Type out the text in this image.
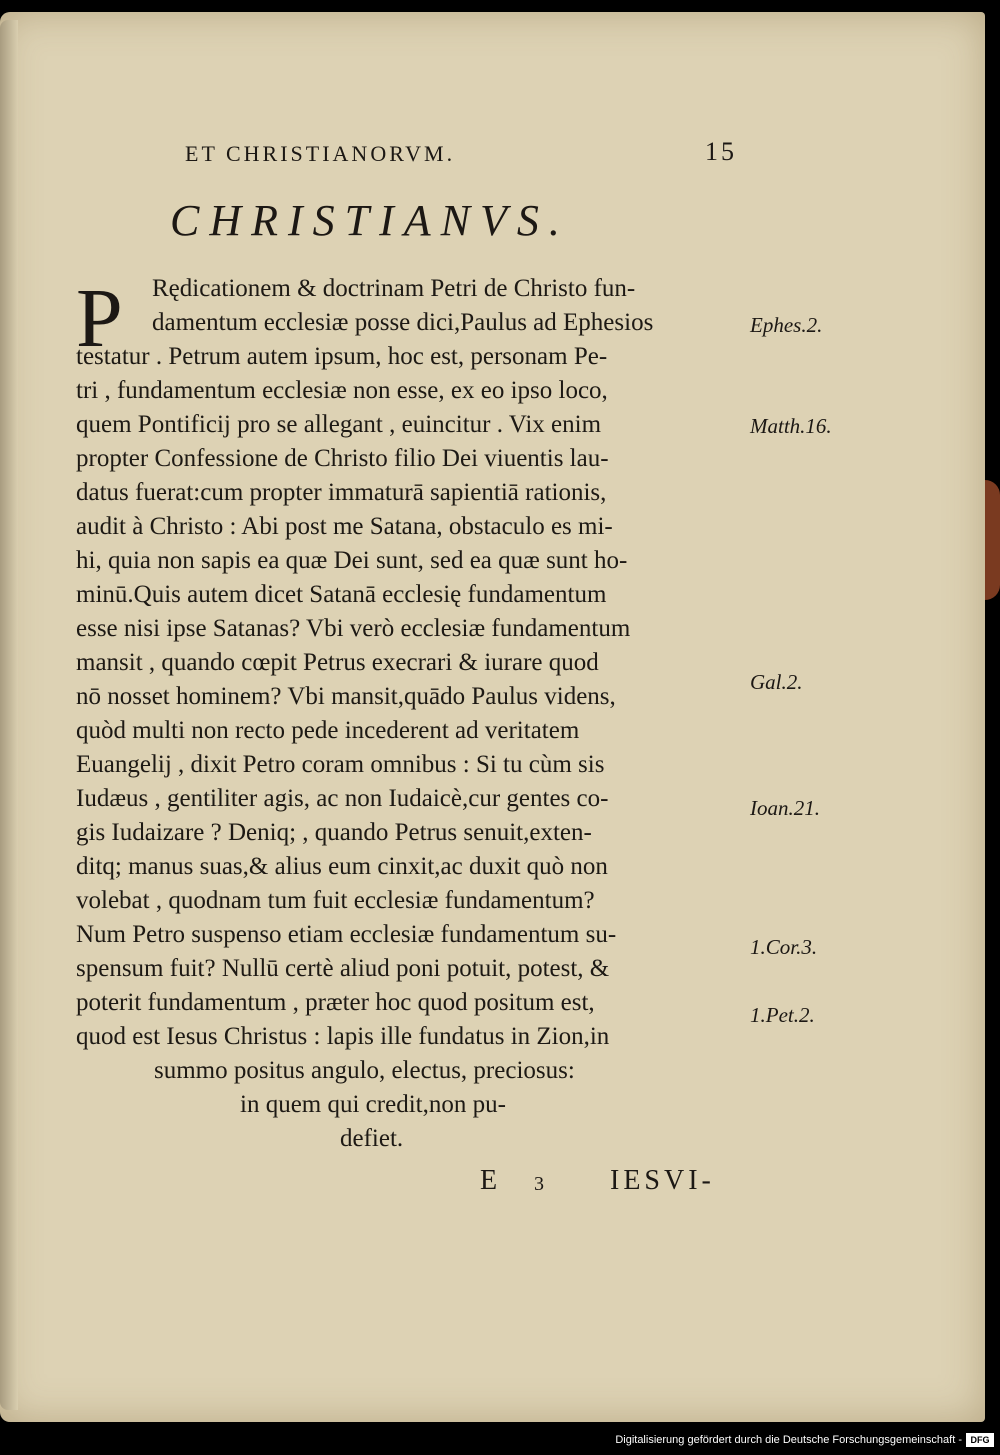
ET CHRISTIANORVM.	15
CHRISTIANVS.
P	Rędicationem & doctrinam Petri de Christo fun-
damentum ecclesiæ posse dici,Paulus ad Ephesios
testatur . Petrum autem ipsum, hoc est, personam Pe-
tri , fundamentum ecclesiæ non esse, ex eo ipso loco,
quem Pontificij pro se allegant , euincitur . Vix enim
propter Confessione de Christo filio Dei viuentis lau-
datus fuerat:cum propter immaturā sapientiā rationis,
audit à Christo : Abi post me Satana, obstaculo es mi-
hi, quia non sapis ea quæ Dei sunt, sed ea quæ sunt ho-
minū.Quis autem dicet Satanā ecclesię fundamentum
esse nisi ipse Satanas? Vbi verò ecclesiæ fundamentum
mansit , quando cœpit Petrus execrari & iurare quod
nō nosset hominem? Vbi mansit,quādo Paulus videns,
quòd multi non recto pede incederent ad veritatem
Euangelij , dixit Petro coram omnibus : Si tu cùm sis
Iudæus , gentiliter agis, ac non Iudaicè,cur gentes co-
gis Iudaizare ? Deniq; , quando Petrus senuit,exten-
ditq; manus suas,& alius eum cinxit,ac duxit quò non
volebat , quodnam tum fuit ecclesiæ fundamentum?
Num Petro suspenso etiam ecclesiæ fundamentum su-
spensum fuit? Nullū certè aliud poni potuit, potest, &
poterit fundamentum , præter hoc quod positum est,
quod est Iesus Christus : lapis ille fundatus in Zion,in
summo positus angulo, electus, preciosus:
in quem qui credit,non pu-
defiet.
Ephes.2.
Matth.16.
Gal.2.
Ioan.21.
1.Cor.3.
1.Pet.2.
E 3 IESVI-
Digitalisierung gefördert durch die Deutsche Forschungsgemeinschaft - DFG
